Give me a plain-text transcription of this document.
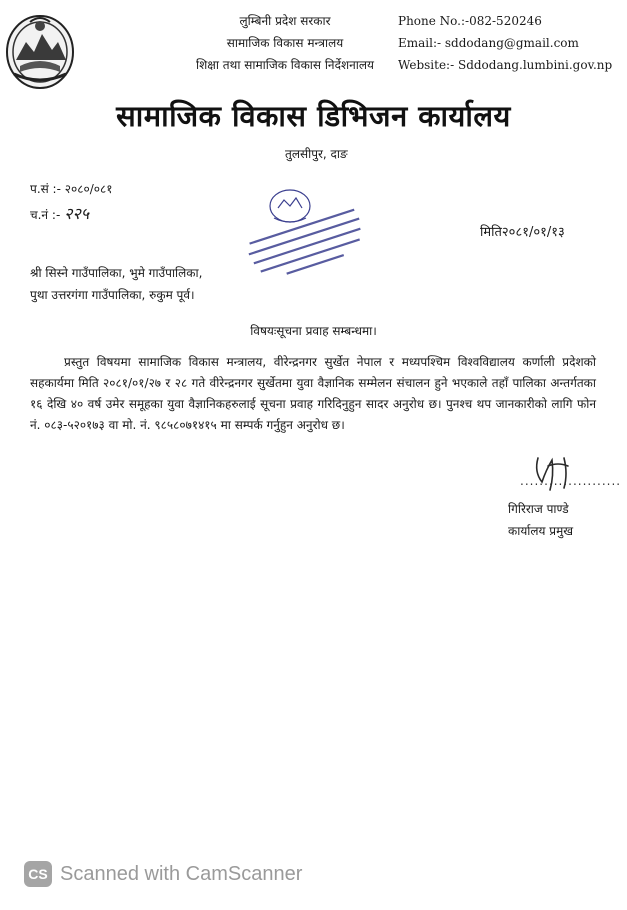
लुम्बिनी प्रदेश सरकार
सामाजिक विकास मन्त्रालय
शिक्षा तथा सामाजिक विकास निर्देशनालय
Phone No.:-082-520246
Email:- sddodang@gmail.com
Website:- Sddodang.lumbini.gov.np
सामाजिक विकास डिभिजन कार्यालय
तुलसीपुर, दाङ
प.सं :- २०८०/०८१
च.नं :- २२५
मिति२०८१/०१/१३
श्री सिस्ने गाउँपालिका, भुमे गाउँपालिका,
पुथा उत्तरगंगा गाउँपालिका, रुकुम पूर्व।
विषयःसूचना प्रवाह सम्बन्धमा।
प्रस्तुत विषयमा सामाजिक विकास मन्त्रालय, वीरेन्द्रनगर सुर्खेत नेपाल र मध्यपश्चिम विश्वविद्यालय कर्णाली प्रदेशको सहकार्यमा मिति २०८१/०१/२७ र २८ गते वीरेन्द्रनगर सुर्खेतमा युवा वैज्ञानिक सम्मेलन संचालन हुने भएकाले तहाँ पालिका अन्तर्गतका १६ देखि ४० वर्ष उमेर समूहका युवा वैज्ञानिकहरुलाई सूचना प्रवाह गरिदिनुहुन सादर अनुरोध छ। पुनश्च थप जानकारीको लागि फोन नं. ०८३-५२०१७३ वा मो. नं. ९८५८०७१४१५ मा सम्पर्क गर्नुहुन अनुरोध छ।
.....................
गिरिराज पाण्डे
कार्यालय प्रमुख
CS Scanned with CamScanner
